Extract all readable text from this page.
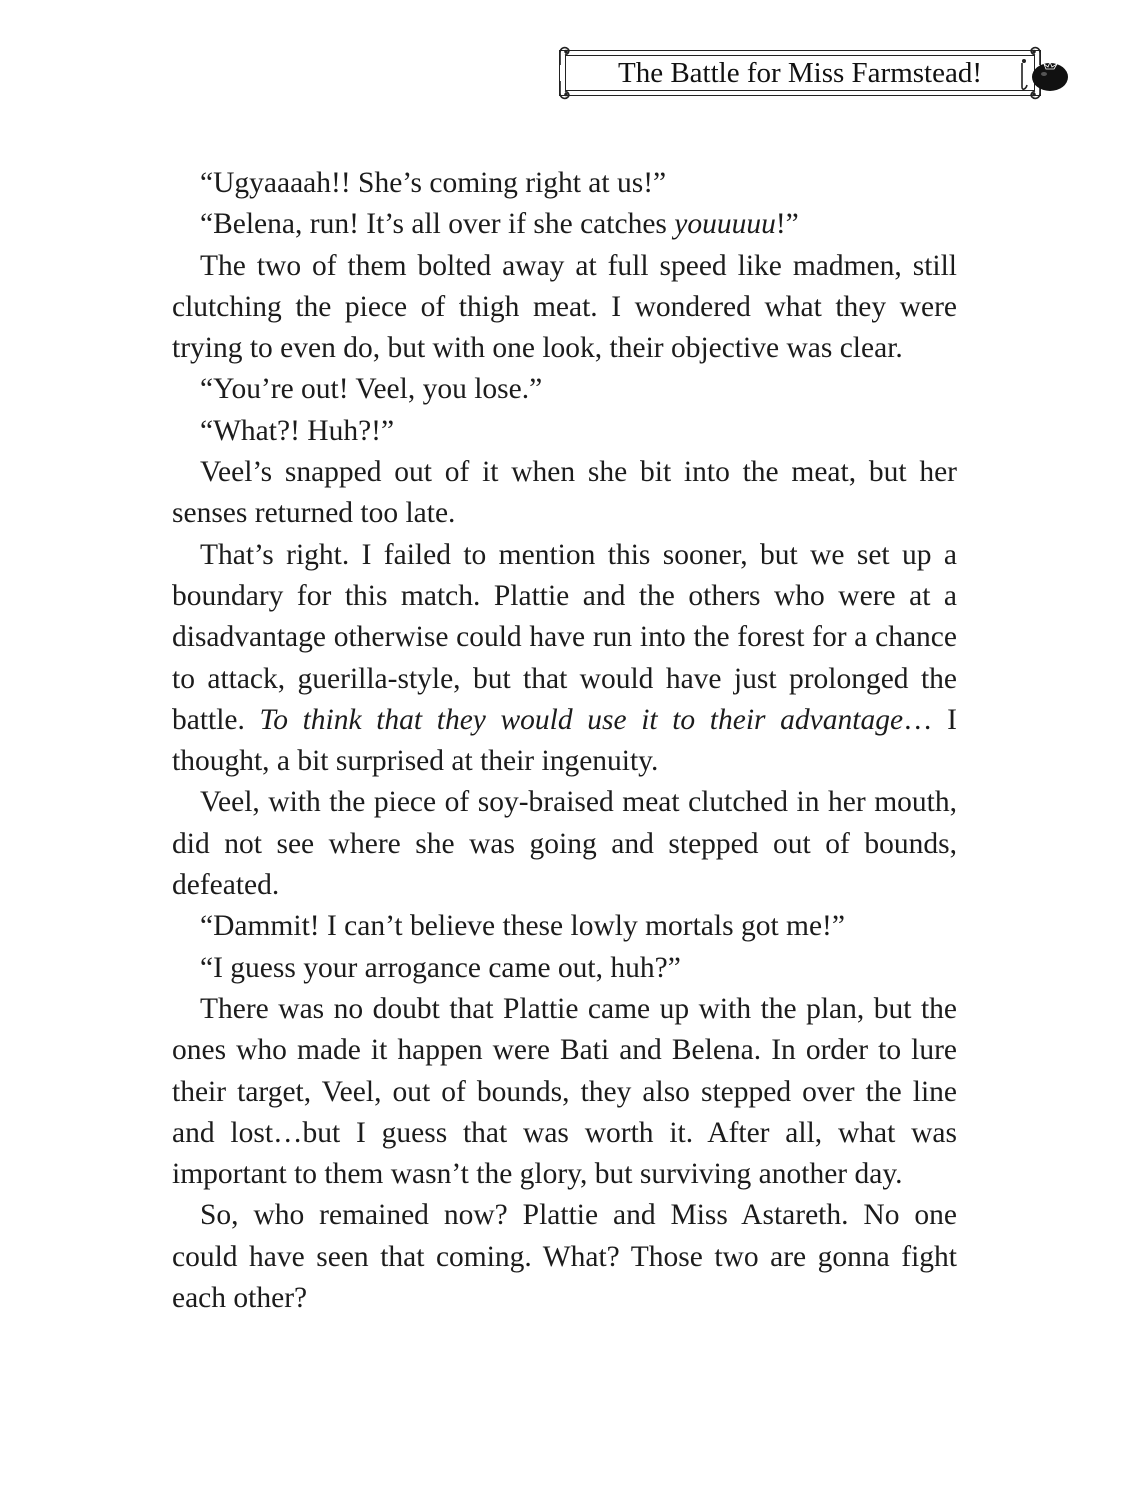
The Battle for Miss Farmstead!

“Ugyaaaah!! She’s coming right at us!”

“Belena, run! It’s all over if she catches youuuuu!”

The two of them bolted away at full speed like madmen, still clutching the piece of thigh meat. I wondered what they were trying to even do, but with one look, their objective was clear.

“You’re out! Veel, you lose.”

“What?! Huh?!”

Veel’s snapped out of it when she bit into the meat, but her senses returned too late.

That’s right. I failed to mention this sooner, but we set up a boundary for this match. Plattie and the others who were at a disadvantage otherwise could have run into the forest for a chance to attack, guerilla-style, but that would have just prolonged the battle. To think that they would use it to their advantage… I thought, a bit surprised at their ingenuity.

Veel, with the piece of soy-braised meat clutched in her mouth, did not see where she was going and stepped out of bounds, defeated.

“Dammit! I can’t believe these lowly mortals got me!”

“I guess your arrogance came out, huh?”

There was no doubt that Plattie came up with the plan, but the ones who made it happen were Bati and Belena. In order to lure their target, Veel, out of bounds, they also stepped over the line and lost…but I guess that was worth it. After all, what was important to them wasn’t the glory, but surviving another day.

So, who remained now? Plattie and Miss Astareth. No one could have seen that coming. What? Those two are gonna fight each other?
